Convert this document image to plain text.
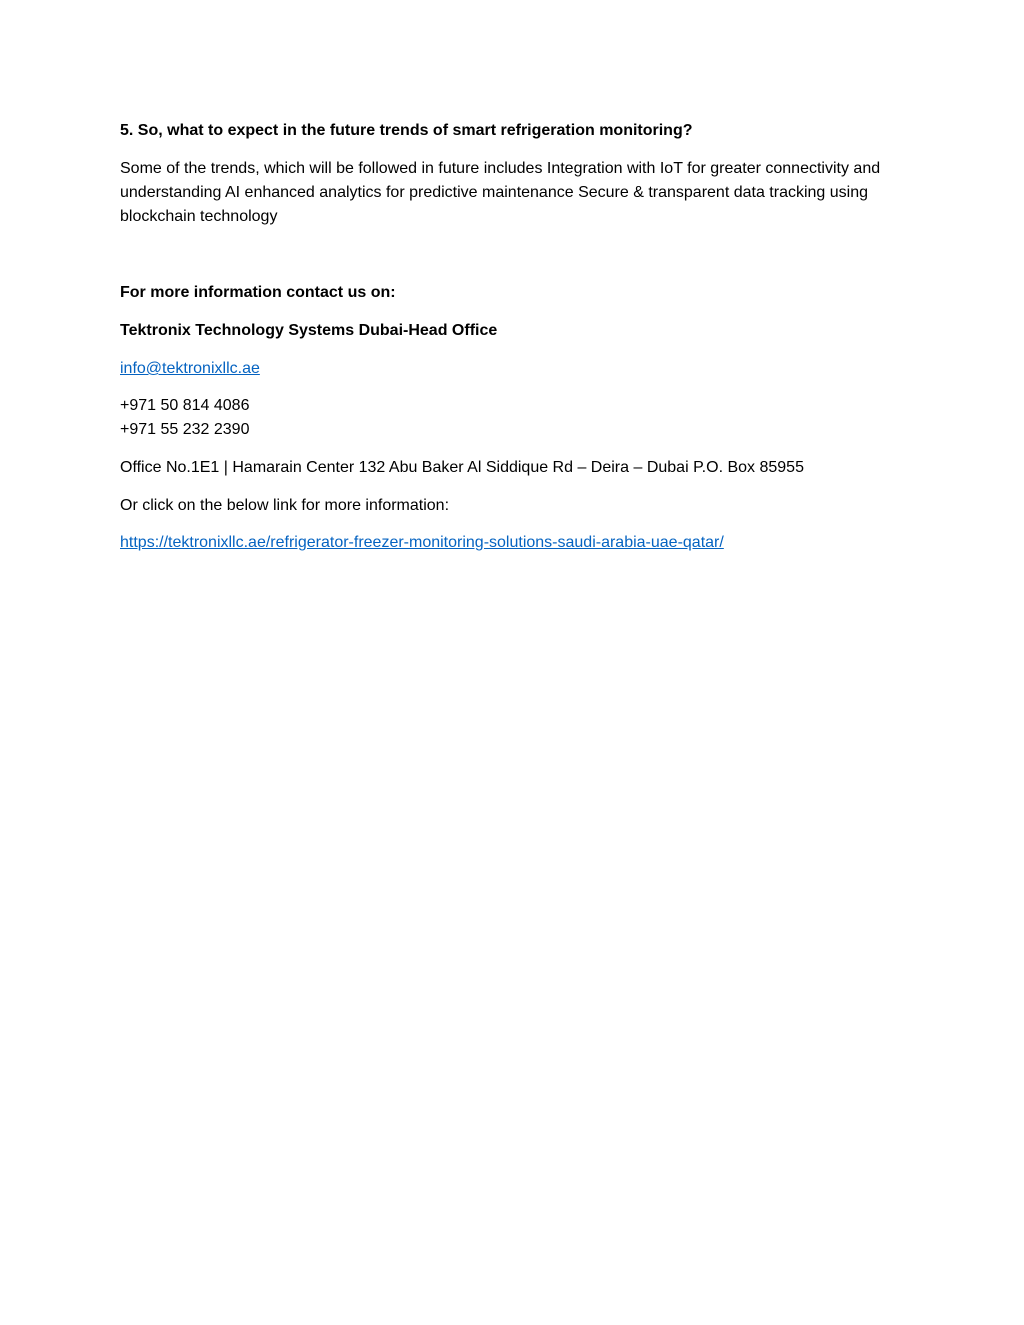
5. So, what to expect in the future trends of smart refrigeration monitoring?

Some of the trends, which will be followed in future includes Integration with IoT for greater connectivity and understanding AI enhanced analytics for predictive maintenance Secure & transparent data tracking using blockchain technology

For more information contact us on:

Tektronix Technology Systems Dubai-Head Office

info@tektronixllc.ae

+971 50 814 4086

+971 55 232 2390

Office No.1E1 | Hamarain Center 132 Abu Baker Al Siddique Rd – Deira – Dubai P.O. Box 85955

Or click on the below link for more information:

https://tektronixllc.ae/refrigerator-freezer-monitoring-solutions-saudi-arabia-uae-qatar/
